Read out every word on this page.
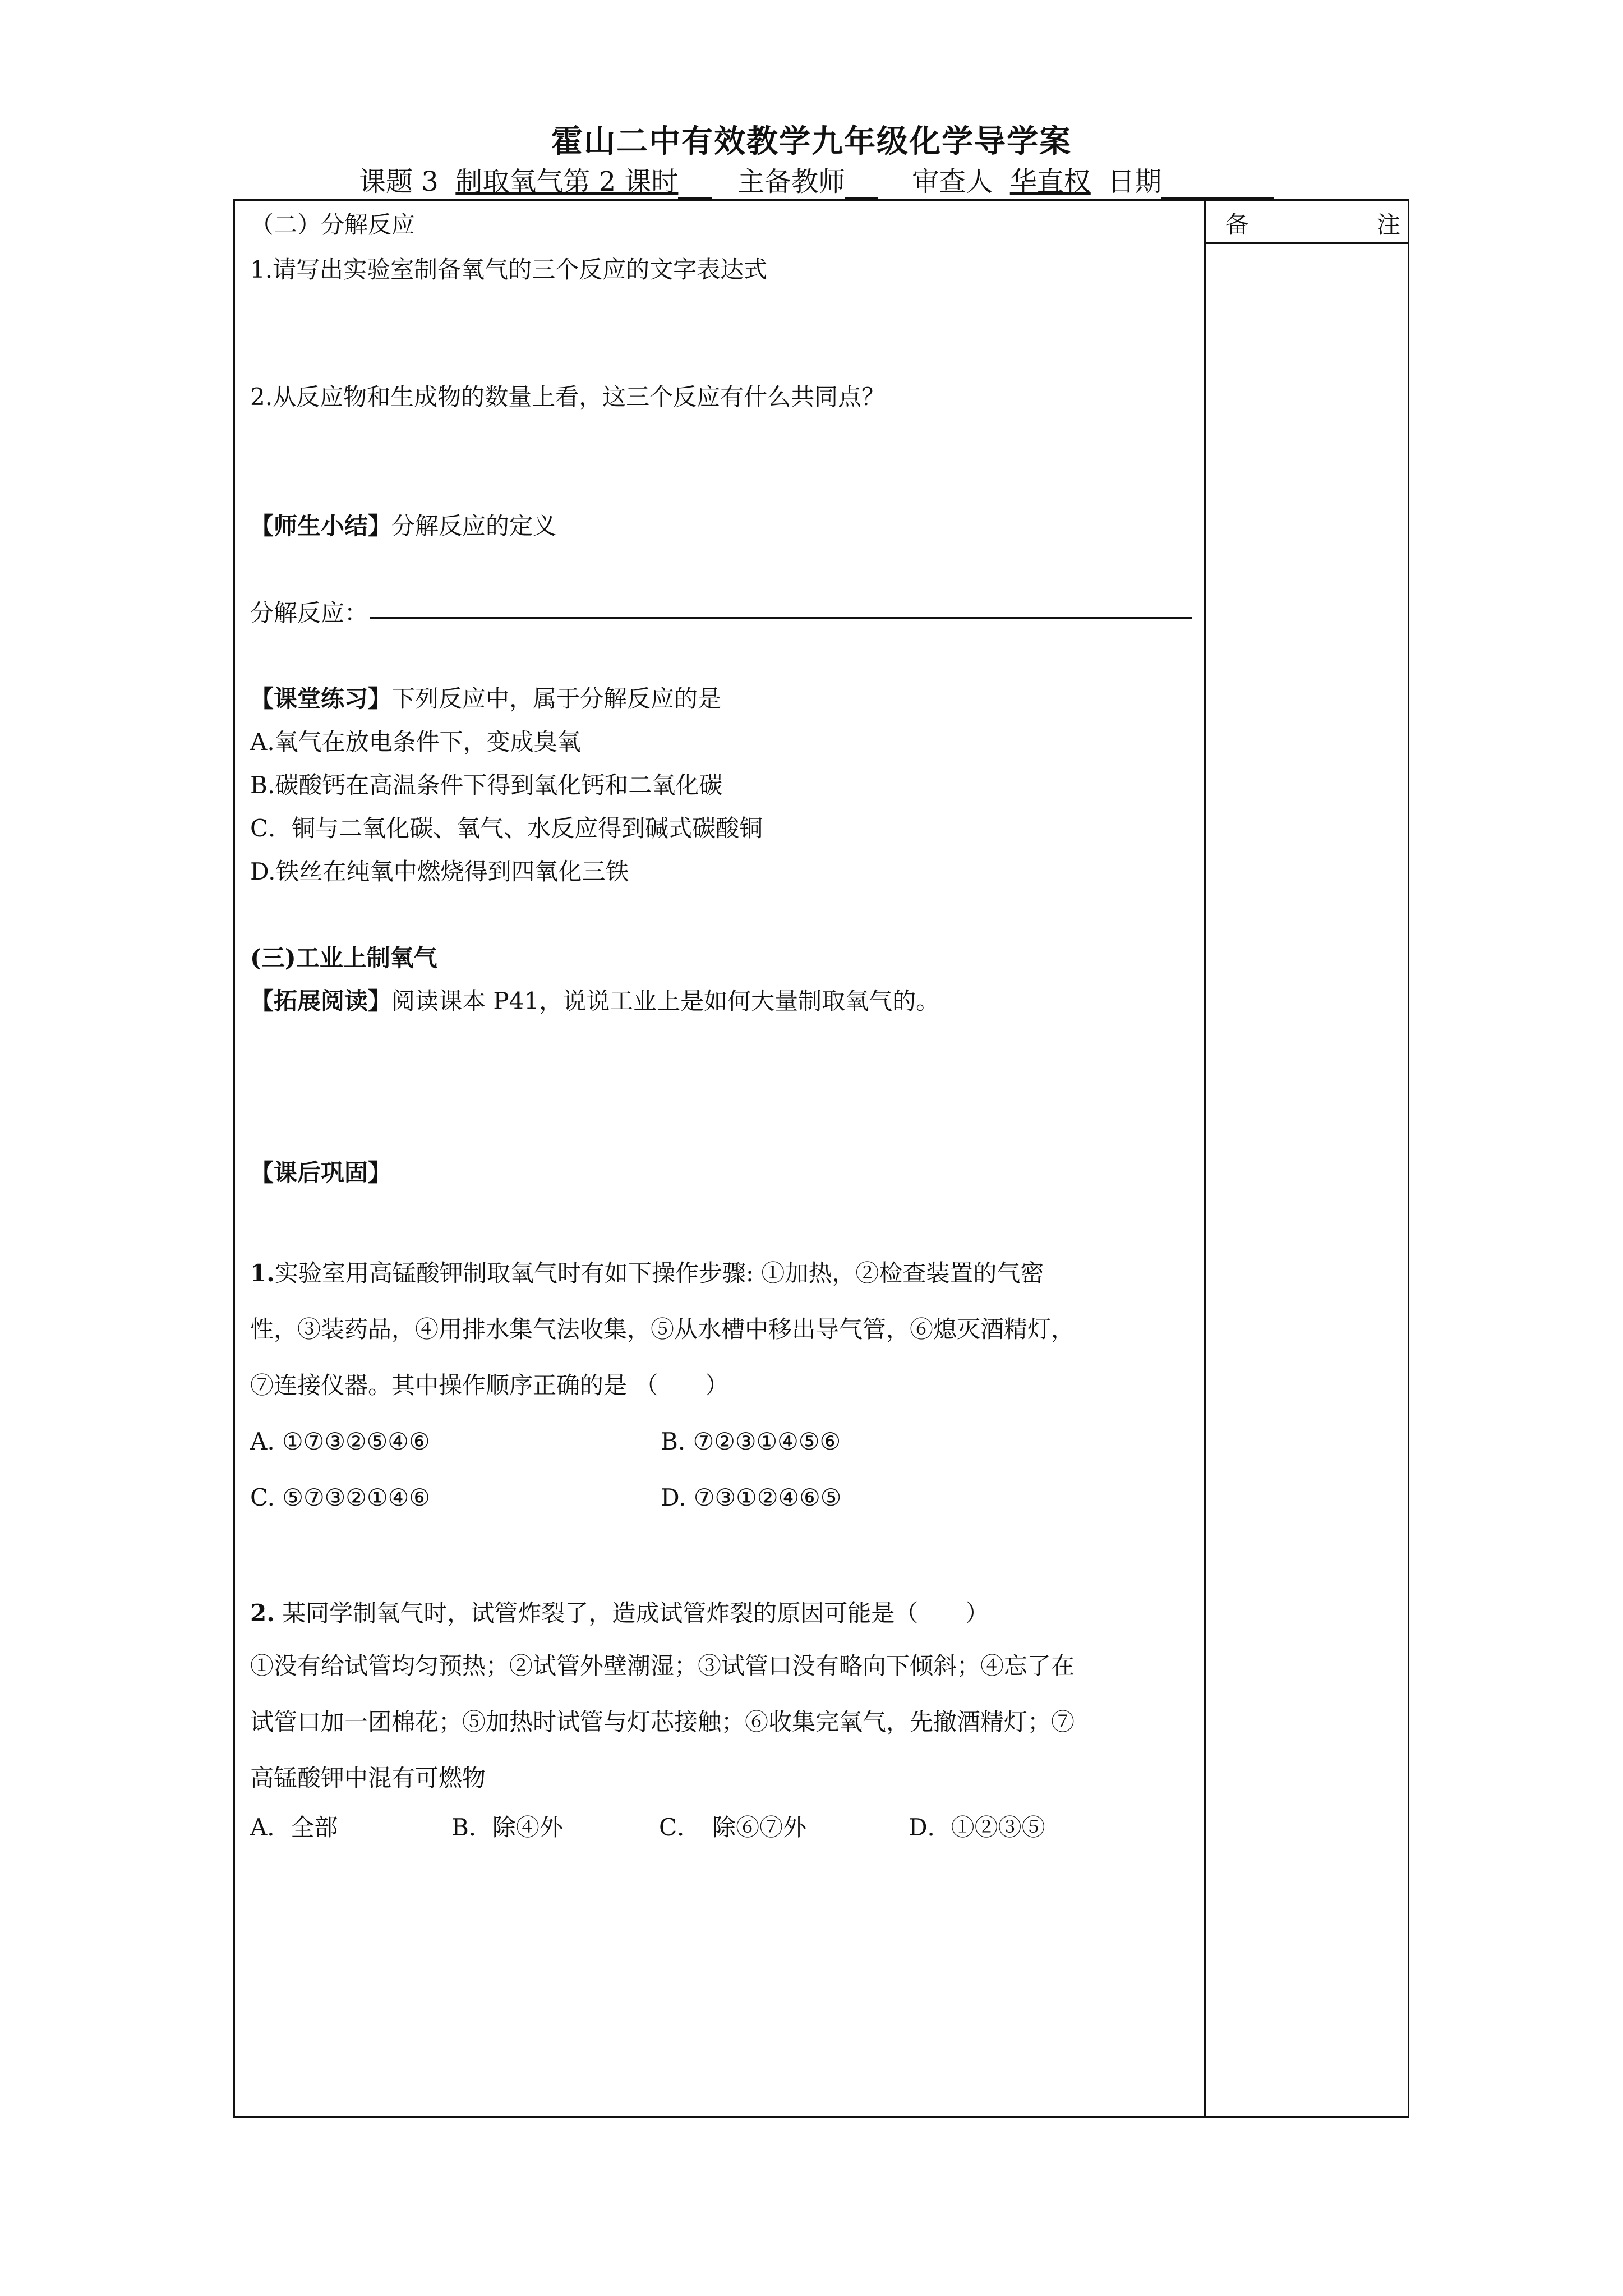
霍山二中有效教学九年级化学导学案
课题 3 制取氧气第 2 课时 主备教师 审查人 华直权 日期
备	注
（二）分解反应
1.请写出实验室制备氧气的三个反应的文字表达式
2.从反应物和生成物的数量上看，这三个反应有什么共同点？
【师生小结】分解反应的定义
分解反应：
【课堂练习】下列反应中，属于分解反应的是
A.氧气在放电条件下，变成臭氧
B.碳酸钙在高温条件下得到氧化钙和二氧化碳
C．铜与二氧化碳、氧气、水反应得到碱式碳酸铜
D.铁丝在纯氧中燃烧得到四氧化三铁
(三)工业上制氧气
【拓展阅读】阅读课本 P41，说说工业上是如何大量制取氧气的。
【课后巩固】
1.实验室用高锰酸钾制取氧气时有如下操作步骤: ①加热，②检查装置的气密性，③装药品，④用排水集气法收集，⑤从水槽中移出导气管，⑥熄灭酒精灯，⑦连接仪器。其中操作顺序正确的是 （　　）
A. ①⑦③②⑤④⑥	B. ⑦②③①④⑤⑥
C. ⑤⑦③②①④⑥	D. ⑦③①②④⑥⑤
2. 某同学制氧气时，试管炸裂了，造成试管炸裂的原因可能是（　　）
①没有给试管均匀预热；②试管外壁潮湿；③试管口没有略向下倾斜；④忘了在试管口加一团棉花；⑤加热时试管与灯芯接触；⑥收集完氧气，先撤酒精灯；⑦高锰酸钾中混有可燃物
A．全部	B．除④外	C．　除⑥⑦外	D．①②③⑤
